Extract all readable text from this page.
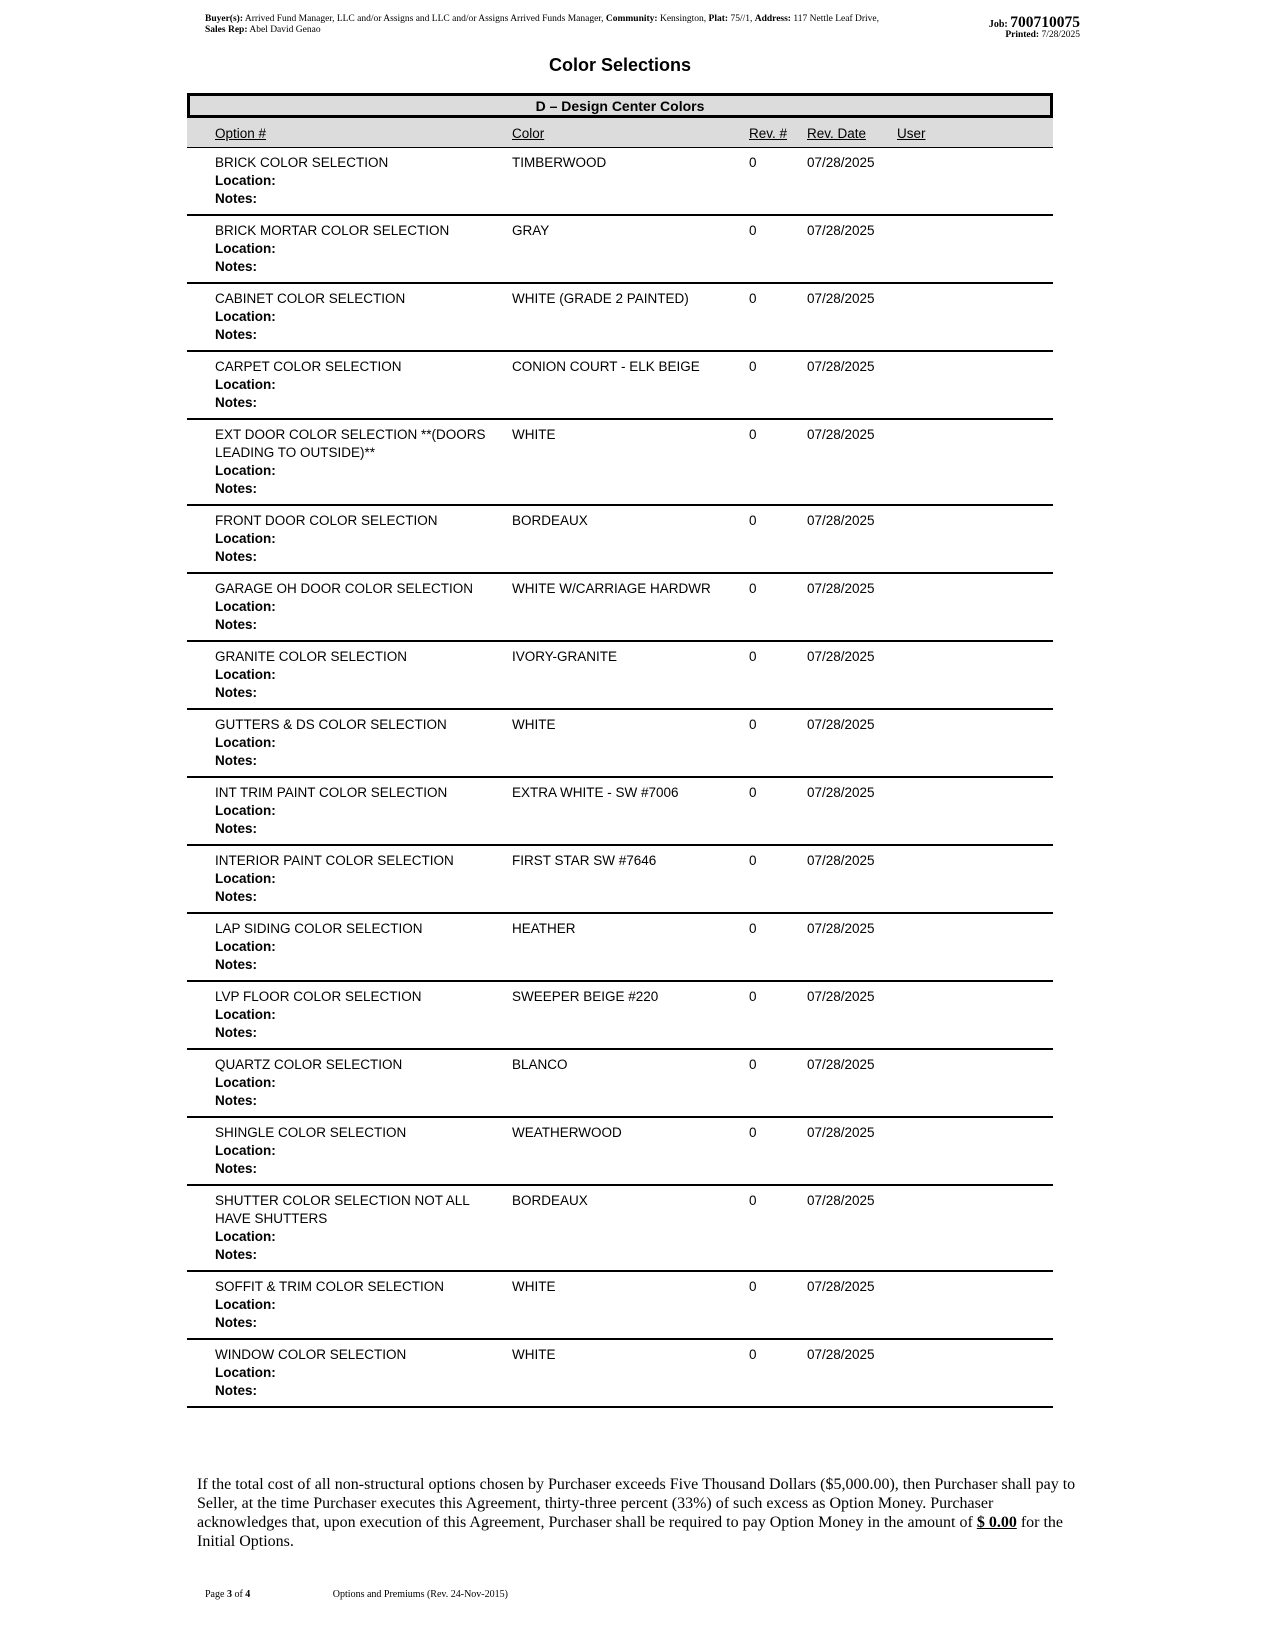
Buyer(s): Arrived Fund Manager, LLC and/or Assigns and LLC and/or Assigns Arrived Funds Manager, Community: Kensington, Plat: 75//1, Address: 117 Nettle Leaf Drive,
Sales Rep: Abel David Genao	Job: 700710075
Printed: 7/28/2025
Color Selections
D – Design Center Colors
Option #	Color	Rev. # Rev. Date User
BRICK COLOR SELECTION
Location:
Notes:
TIMBERWOOD	0	07/28/2025
BRICK MORTAR COLOR SELECTION
Location:
Notes:
GRAY	0	07/28/2025
CABINET COLOR SELECTION
Location:
Notes:
WHITE (GRADE 2 PAINTED)	0	07/28/2025
CARPET COLOR SELECTION
Location:
Notes:
CONION COURT - ELK BEIGE	0	07/28/2025
EXT DOOR COLOR SELECTION **(DOORS LEADING TO OUTSIDE)**
Location:
Notes:
WHITE	0	07/28/2025
FRONT DOOR COLOR SELECTION
Location:
Notes:
BORDEAUX	0	07/28/2025
GARAGE OH DOOR COLOR SELECTION
Location:
Notes:
WHITE W/CARRIAGE HARDWR	0	07/28/2025
GRANITE COLOR SELECTION
Location:
Notes:
IVORY-GRANITE	0	07/28/2025
GUTTERS & DS COLOR SELECTION
Location:
Notes:
WHITE	0	07/28/2025
INT TRIM PAINT COLOR SELECTION
Location:
Notes:
EXTRA WHITE - SW #7006	0	07/28/2025
INTERIOR PAINT COLOR SELECTION
Location:
Notes:
FIRST STAR SW #7646	0	07/28/2025
LAP SIDING COLOR SELECTION
Location:
Notes:
HEATHER	0	07/28/2025
LVP FLOOR COLOR SELECTION
Location:
Notes:
SWEEPER BEIGE #220	0	07/28/2025
QUARTZ COLOR SELECTION
Location:
Notes:
BLANCO	0	07/28/2025
SHINGLE COLOR SELECTION
Location:
Notes:
WEATHERWOOD	0	07/28/2025
SHUTTER COLOR SELECTION NOT ALL HAVE SHUTTERS
Location:
Notes:
BORDEAUX	0	07/28/2025
SOFFIT & TRIM COLOR SELECTION
Location:
Notes:
WHITE	0	07/28/2025
WINDOW COLOR SELECTION
Location:
Notes:
WHITE	0	07/28/2025
If the total cost of all non-structural options chosen by Purchaser exceeds Five Thousand Dollars ($5,000.00), then Purchaser shall pay to Seller, at the time Purchaser executes this Agreement, thirty-three percent (33%) of such excess as Option Money. Purchaser acknowledges that, upon execution of this Agreement, Purchaser shall be required to pay Option Money in the amount of $ 0.00 for the Initial Options.
Page 3 of 4	Options and Premiums (Rev. 24-Nov-2015)
